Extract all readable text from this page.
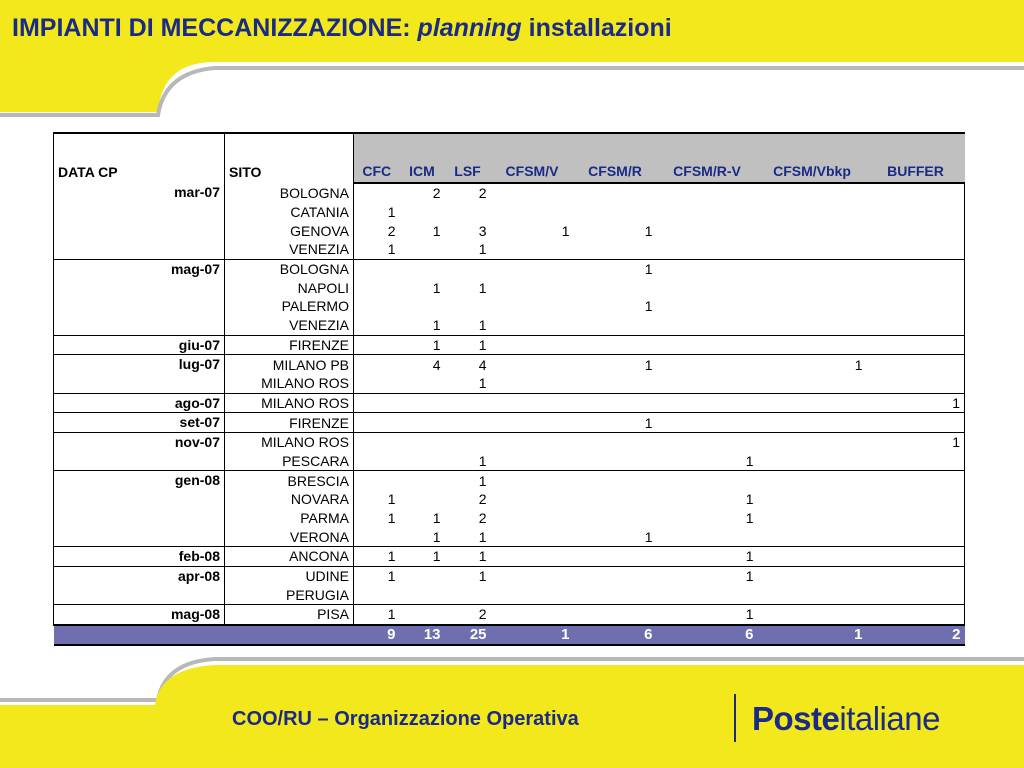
IMPIANTI DI MECCANIZZAZIONE: planning installazioni
DATA CP	SITO	CFC	ICM	LSF	CFSM/V	CFSM/R	CFSM/R-V	CFSM/Vbkp	BUFFER
mar-07	BOLOGNA		2	2					
	CATANIA	1							
	GENOVA	2	1	3	1	1			
	VENEZIA	1		1					
mag-07	BOLOGNA					1			
	NAPOLI		1	1					
	PALERMO					1			
	VENEZIA		1	1					
giu-07	FIRENZE		1	1					
lug-07	MILANO PB		4	4		1		1	
	MILANO ROS			1					
ago-07	MILANO ROS								1
set-07	FIRENZE					1			
nov-07	MILANO ROS								1
	PESCARA			1			1		
gen-08	BRESCIA			1					
	NOVARA	1		2			1		
	PARMA	1	1	2			1		
	VERONA		1	1		1			
feb-08	ANCONA	1	1	1			1		
apr-08	UDINE	1		1			1		
	PERUGIA								
mag-08	PISA	1		2			1		
		9	13	25	1	6	6	1	2
COO/RU – Organizzazione Operativa	Posteitaliane
